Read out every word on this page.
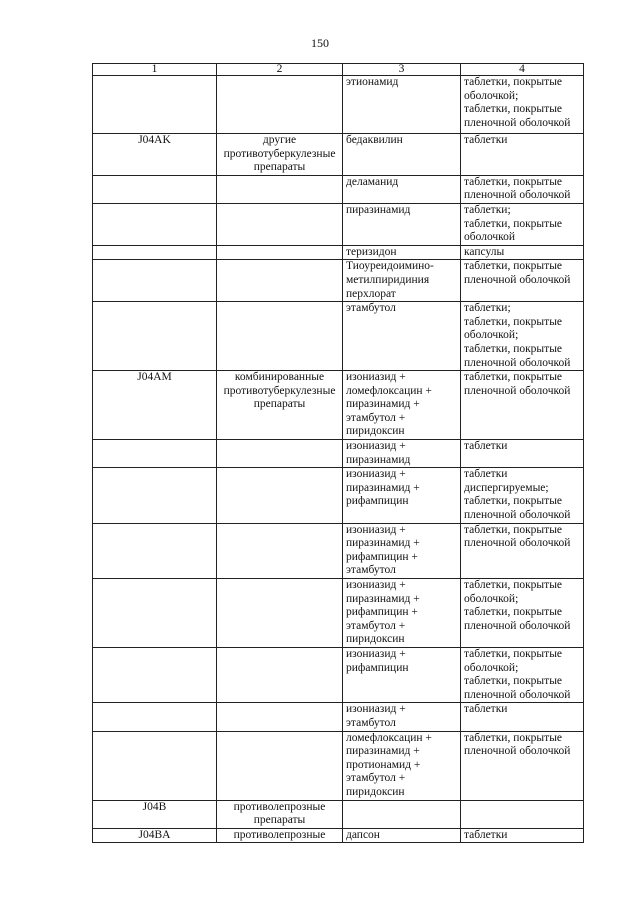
150
1	2	3	4

		этионамид	таблетки, покрытые
оболочкой;
таблетки, покрытые
пленочной оболочкой

J04AK	другие
противотуберкулезные
препараты	бедаквилин	таблетки

		деламанид	таблетки, покрытые
пленочной оболочкой

		пиразинамид	таблетки;
таблетки, покрытые
оболочкой

		теризидон	капсулы

		Тиоуреидоимино-
метилпиридиния
перхлорат	таблетки, покрытые
пленочной оболочкой

		этамбутол	таблетки;
таблетки, покрытые
оболочкой;
таблетки, покрытые
пленочной оболочкой

J04AM	комбинированные
противотуберкулезные
препараты	изониазид +
ломефлоксацин +
пиразинамид +
этамбутол +
пиридоксин	таблетки, покрытые
пленочной оболочкой

		изониазид +
пиразинамид	таблетки

		изониазид +
пиразинамид +
рифампицин	таблетки
диспергируемые;
таблетки, покрытые
пленочной оболочкой

		изониазид +
пиразинамид +
рифампицин +
этамбутол	таблетки, покрытые
пленочной оболочкой

		изониазид +
пиразинамид +
рифампицин +
этамбутол +
пиридоксин	таблетки, покрытые
оболочкой;
таблетки, покрытые
пленочной оболочкой

		изониазид +
рифампицин	таблетки, покрытые
оболочкой;
таблетки, покрытые
пленочной оболочкой

		изониазид +
этамбутол	таблетки

		ломефлоксацин +
пиразинамид +
протионамид +
этамбутол +
пиридоксин	таблетки, покрытые
пленочной оболочкой

J04B	противолепрозные
препараты		

J04BA	противолепрозные	дапсон	таблетки
